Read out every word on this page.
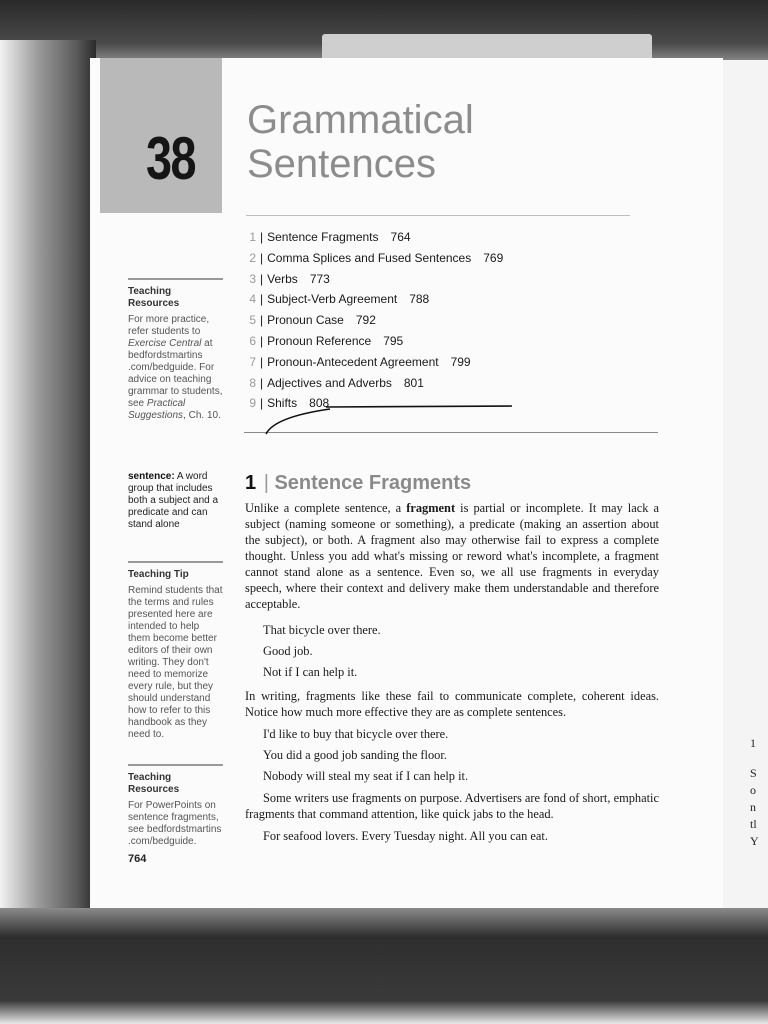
38
Grammatical
Sentences
1 | Sentence Fragments 764
2 | Comma Splices and Fused Sentences 769
3 | Verbs 773
4 | Subject-Verb Agreement 788
5 | Pronoun Case 792
6 | Pronoun Reference 795
7 | Pronoun-Antecedent Agreement 799
8 | Adjectives and Adverbs 801
9 | Shifts 808
Teaching Resources
For more practice, refer students to Exercise Central at bedfordstmartins .com/bedguide. For advice on teaching grammar to students, see Practical Suggestions, Ch. 10.
sentence: A word group that includes both a subject and a predicate and can stand alone
Teaching Tip
Remind students that the terms and rules presented here are intended to help them become better editors of their own writing. They don't need to memorize every rule, but they should understand how to refer to this handbook as they need to.
Teaching Resources
For PowerPoints on sentence fragments, see bedfordstmartins .com/bedguide.
1 | Sentence Fragments
Unlike a complete sentence, a fragment is partial or incomplete. It may lack a subject (naming someone or something), a predicate (making an assertion about the subject), or both. A fragment also may otherwise fail to express a complete thought. Unless you add what's missing or reword what's incomplete, a fragment cannot stand alone as a sentence. Even so, we all use fragments in everyday speech, where their context and delivery make them understandable and therefore acceptable.
That bicycle over there.
Good job.
Not if I can help it.
In writing, fragments like these fail to communicate complete, coherent ideas. Notice how much more effective they are as complete sentences.
I'd like to buy that bicycle over there.
You did a good job sanding the floor.
Nobody will steal my seat if I can help it.
Some writers use fragments on purpose. Advertisers are fond of short, emphatic fragments that command attention, like quick jabs to the head.
For seafood lovers. Every Tuesday night. All you can eat.
764
1
S
o
n
tl
Y
